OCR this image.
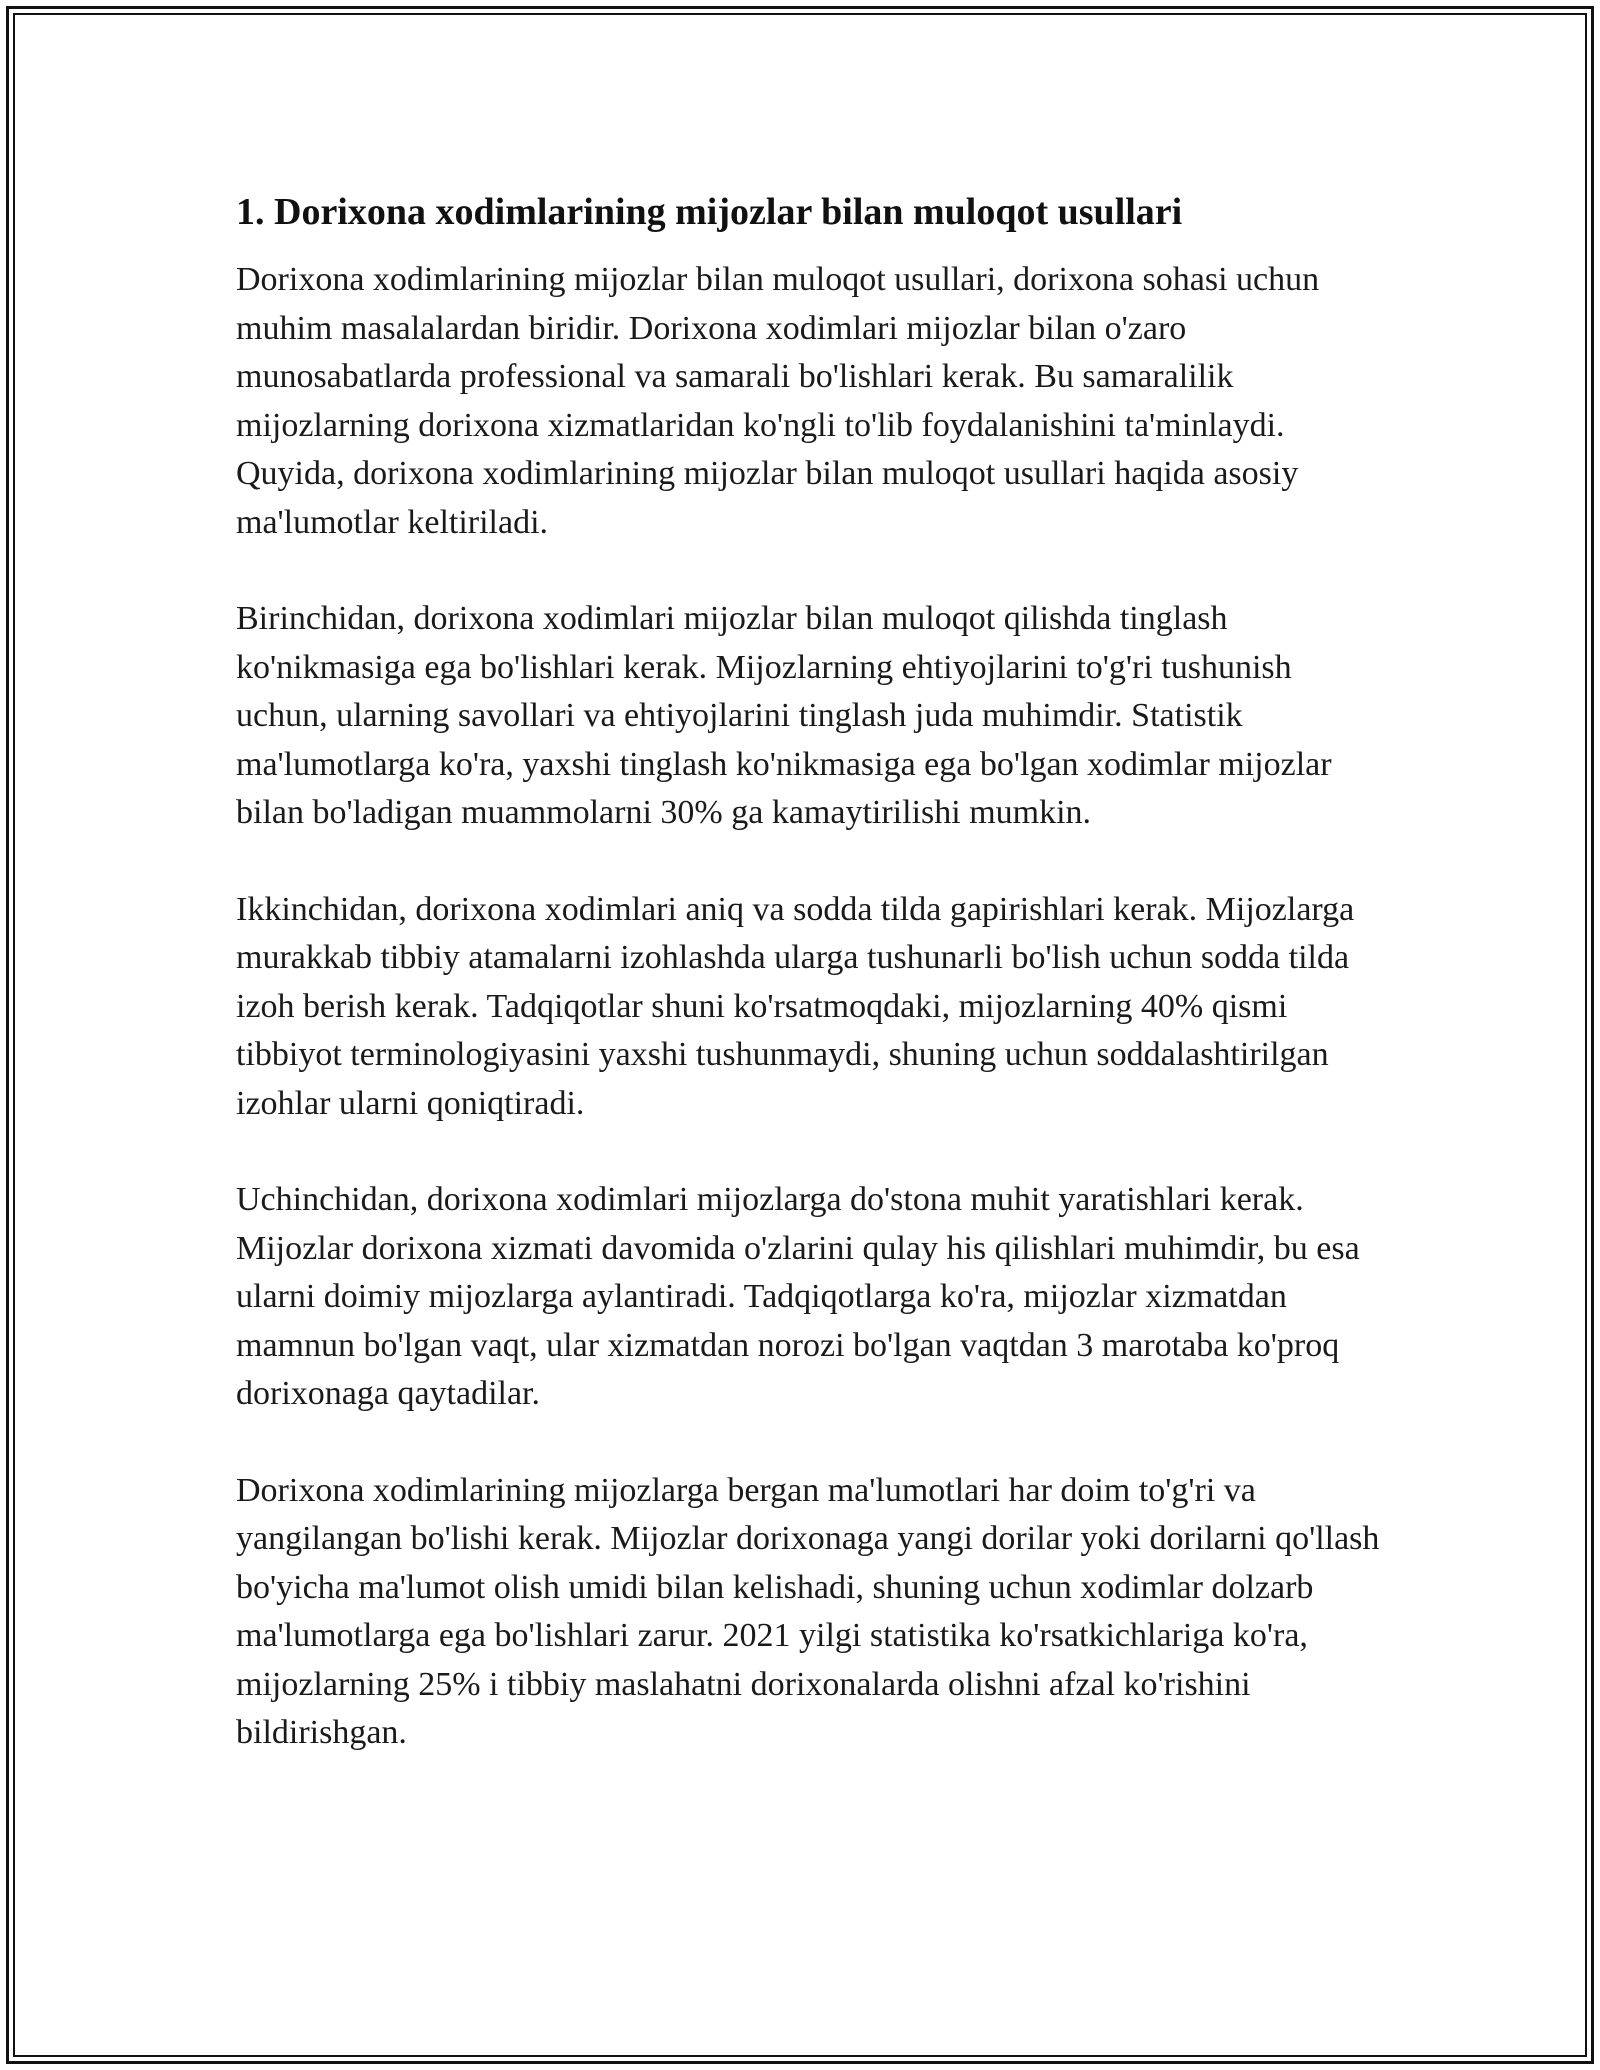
1. Dorixona xodimlarining mijozlar bilan muloqot usullari

Dorixona xodimlarining mijozlar bilan muloqot usullari, dorixona sohasi uchun muhim masalalardan biridir. Dorixona xodimlari mijozlar bilan o'zaro munosabatlarda professional va samarali bo'lishlari kerak. Bu samaralilik mijozlarning dorixona xizmatlaridan ko'ngli to'lib foydalanishini ta'minlaydi. Quyida, dorixona xodimlarining mijozlar bilan muloqot usullari haqida asosiy ma'lumotlar keltiriladi.

Birinchidan, dorixona xodimlari mijozlar bilan muloqot qilishda tinglash ko'nikmasiga ega bo'lishlari kerak. Mijozlarning ehtiyojlarini to'g'ri tushunish uchun, ularning savollari va ehtiyojlarini tinglash juda muhimdir. Statistik ma'lumotlarga ko'ra, yaxshi tinglash ko'nikmasiga ega bo'lgan xodimlar mijozlar bilan bo'ladigan muammolarni 30% ga kamaytirilishi mumkin.

Ikkinchidan, dorixona xodimlari aniq va sodda tilda gapirishlari kerak. Mijozlarga murakkab tibbiy atamalarni izohlashda ularga tushunarli bo'lish uchun sodda tilda izoh berish kerak. Tadqiqotlar shuni ko'rsatmoqdaki, mijozlarning 40% qismi tibbiyot terminologiyasini yaxshi tushunmaydi, shuning uchun soddalashtirilgan izohlar ularni qoniqtiradi.

Uchinchidan, dorixona xodimlari mijozlarga do'stona muhit yaratishlari kerak. Mijozlar dorixona xizmati davomida o'zlarini qulay his qilishlari muhimdir, bu esa ularni doimiy mijozlarga aylantiradi. Tadqiqotlarga ko'ra, mijozlar xizmatdan mamnun bo'lgan vaqt, ular xizmatdan norozi bo'lgan vaqtdan 3 marotaba ko'proq dorixonaga qaytadilar.

Dorixona xodimlarining mijozlarga bergan ma'lumotlari har doim to'g'ri va yangilangan bo'lishi kerak. Mijozlar dorixonaga yangi dorilar yoki dorilarni qo'llash bo'yicha ma'lumot olish umidi bilan kelishadi, shuning uchun xodimlar dolzarb ma'lumotlarga ega bo'lishlari zarur. 2021 yilgi statistika ko'rsatkichlariga ko'ra, mijozlarning 25% i tibbiy maslahatni dorixonalarda olishni afzal ko'rishini bildirishgan.
